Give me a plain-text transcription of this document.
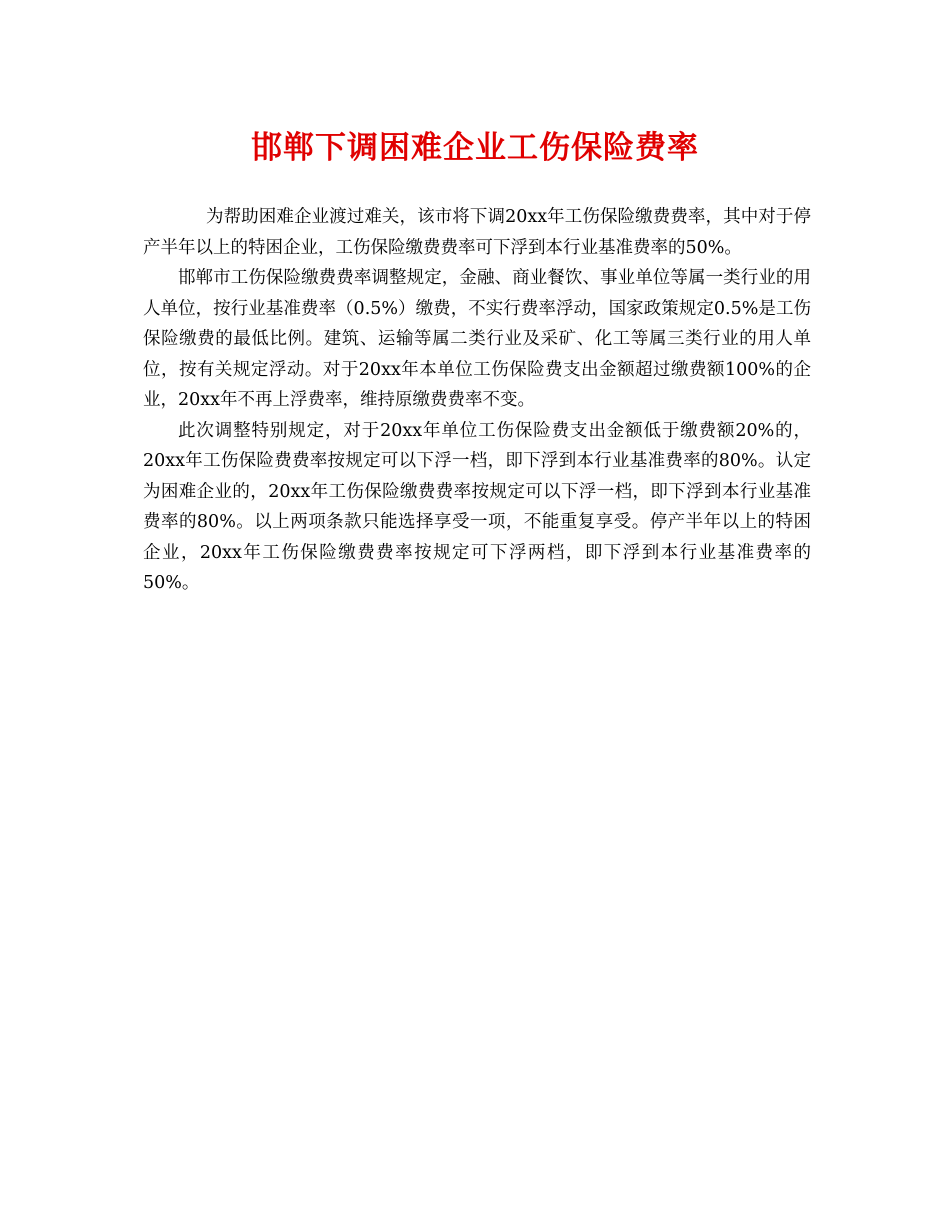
邯郸下调困难企业工伤保险费率

为帮助困难企业渡过难关，该市将下调20xx年工伤保险缴费费率，其中对于停产半年以上的特困企业，工伤保险缴费费率可下浮到本行业基准费率的50%。

邯郸市工伤保险缴费费率调整规定，金融、商业餐饮、事业单位等属一类行业的用人单位，按行业基准费率（0.5%）缴费，不实行费率浮动，国家政策规定0.5%是工伤保险缴费的最低比例。建筑、运输等属二类行业及采矿、化工等属三类行业的用人单位，按有关规定浮动。对于20xx年本单位工伤保险费支出金额超过缴费额100%的企业，20xx年不再上浮费率，维持原缴费费率不变。

此次调整特别规定，对于20xx年单位工伤保险费支出金额低于缴费额20%的，20xx年工伤保险费费率按规定可以下浮一档，即下浮到本行业基准费率的80%。认定为困难企业的，20xx年工伤保险缴费费率按规定可以下浮一档，即下浮到本行业基准费率的80%。以上两项条款只能选择享受一项，不能重复享受。停产半年以上的特困企业，20xx年工伤保险缴费费率按规定可下浮两档，即下浮到本行业基准费率的50%。
